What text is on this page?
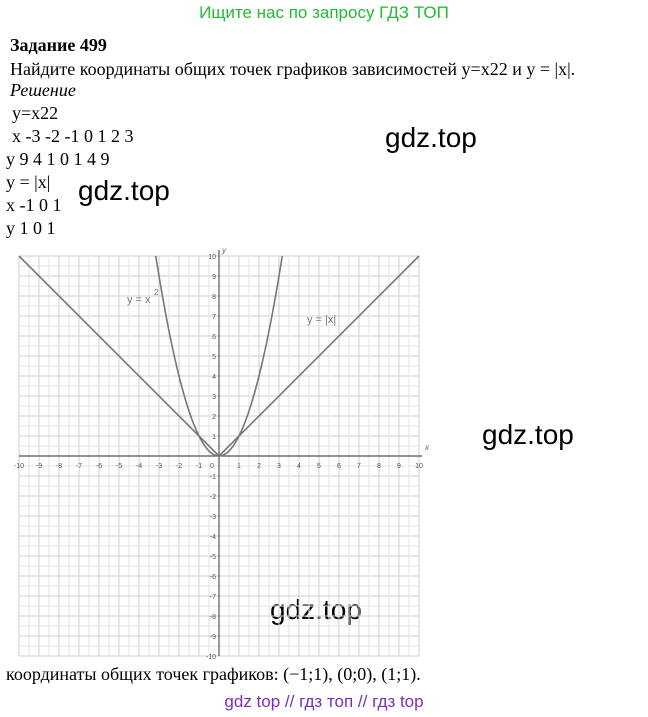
Ищите нас по запросу ГДЗ ТОП
Задание 499
Найдите координаты общих точек графиков зависимостей y=x22 и y = |x|.
Решение
y=x22
x -3 -2 -1 0 1 2 3
y 9 4 1 0 1 4 9
y = |x|
x -1 0 1
y 1 0 1
gdz.top
gdz.top
gdz.top
gdz.top
-10 -9 -8 -7 -6 -5 -4 -3 -2 -1 0	1 2 3 4 5 6 7 8 9 10
10
9
8
7
6
5
4
3
2
1
-1
-2
-3
-4
-5
-6
-7
-8
-9
-10
y
x
y = x
2
y = |x|
координаты общих точек графиков: (−1;1), (0;0), (1;1).
gdz top // гдз топ // гдз top
